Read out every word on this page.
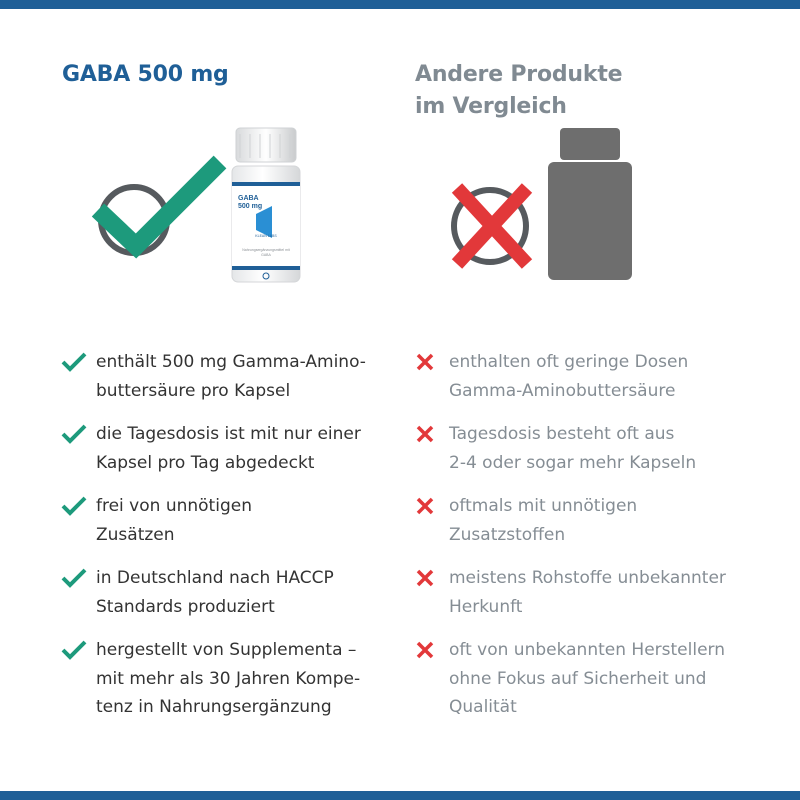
GABA 500 mg	Andere Produkte
im Vergleich
GABA
500 mg
KLEAN LABS
Nahrungsergänzungsmittel mit GABA
enthält 500 mg Gamma-Amino-
buttersäure pro Kapsel
die Tagesdosis ist mit nur einer
Kapsel pro Tag abgedeckt
frei von unnötigen
Zusätzen
in Deutschland nach HACCP
Standards produziert
hergestellt von Supplementa –
mit mehr als 30 Jahren Kompe-
tenz in Nahrungsergänzung
enthalten oft geringe Dosen
Gamma-Aminobuttersäure
Tagesdosis besteht oft aus
2-4 oder sogar mehr Kapseln
oftmals mit unnötigen
Zusatzstoffen
meistens Rohstoffe unbekannter
Herkunft
oft von unbekannten Herstellern
ohne Fokus auf Sicherheit und
Qualität
